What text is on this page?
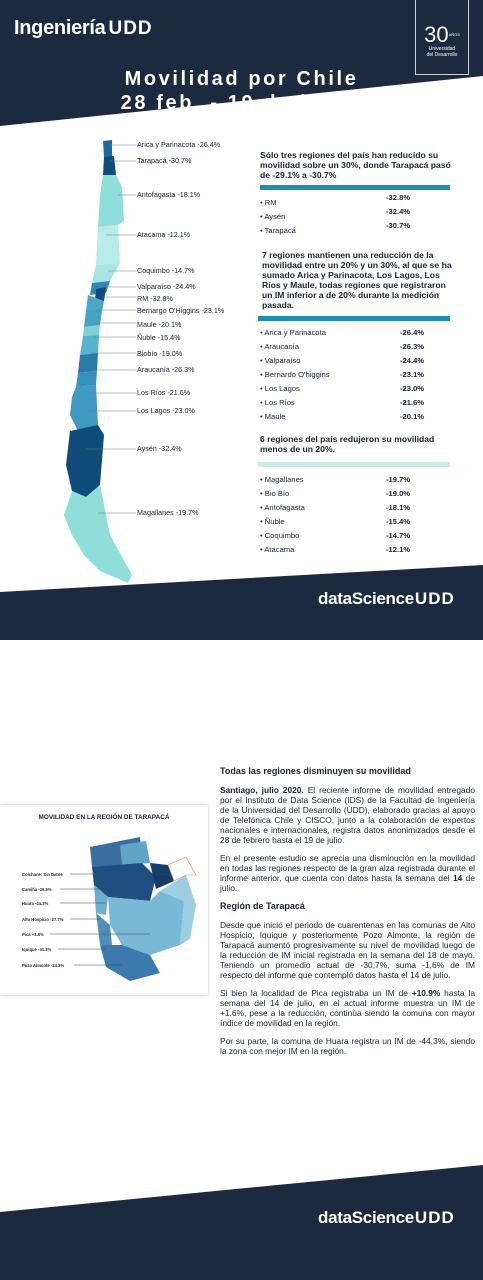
Ingeniería UDD	$30^{AÑOS}$
Universidad
del Desarrollo
Movilidad por Chile
28 feb. - 19 de julio.
Arica y Parinacota -26.4%
Tarapacá -30.7%
Antofagasta -18.1%
Atacama -12.1%
Coquimbo -14.7%
Valparaíso -24.4%
RM -32.8%
Bernargo O'Higgins -23.1%
Maule -20.1%
Ñuble -15.4%
Biobío -19.0%
Araucanía -26.3%
Los Ríos -21.6%
Los Lagos -23.0%
Aysén -32.4%
Magallanes -19.7%
Sólo tres regiones del país han reducido su movilidad sobre un 30%, donde Tarapacá pasó de -29.1% a -30.7%
• RM
-32.8%
• Aysén
-32.4%
• Tarapacá
-30.7%
7 regiones mantienen una reducción de la movilidad entre un 20% y un 30%, al que se ha sumado Arica y Parinacota, Los Lagos, Los Ríos y Maule, todas regiones que registraron un IM inferior a de 20% durante la medición pasada.
• Arica y Parinacota	-26.4%
• Araucanía	-26.3%
• Valparaíso	-24.4%
• Bernardo O'higgins	-23.1%
• Los Lagos	-23.0%
• Los Ríos	-21.6%
• Maule	-20.1%
6 regiones del país redujeron su movilidad menos de un 20%.
• Magallanes	-19.7%
• Bio Bío	-19.0%
• Antofagasta	-18.1%
• Ñuble	-15.4%
• Coquimbo	-14.7%
• Atacama	-12.1%
dataScienceUDD
MOVILIDAD EN LA REGIÓN DE TARAPACÁ
Colchane: Sin Datos
Camiña -26.5%
Huara -44.3%
Alto Hospicio -27.7%
Pica +1.6%
Iquique -31.3%
Pozo Almonte -24.3%
Todas las regiones disminuyen su movilidad

Santiago, julio 2020. El reciente informe de movilidad entregado por el Instituto de Data Science (IDS) de la Facultad de Ingeniería de la Universidad del Desarrollo (UDD), elaborado gracias al apoyo de Telefónica Chile y CISCO, junto a la colaboración de expertos nacionales e internacionales, registra datos anonimizados desde el 28 de febrero hasta el 19 de julio.

En el presente estudio se aprecia una disminución en la movilidad en todas las regiones respecto de la gran alza registrada durante el informe anterior, que cuenta con datos hasta la semana del 14 de julio.

Región de Tarapacá

Desde que inició el periodo de cuarentenas en las comunas de Alto Hospicio, Iquique y posteriormente Pozo Almonte, la región de Tarapacá aumentó progresivamente su nivel de movilidad luego de la reducción de IM inicial registrada en la semana del 18 de mayo. Teniendo un promedio actual de -30,7%, suma -1,6% de IM respecto del informe que contempló datos hasta el 14 de julio.

Si bien la localidad de Pica registraba un IM de +10.9% hasta la semana del 14 de julio, en el actual informe muestra un IM de +1.6%, pese a la reducción, continúa siendo la comuna con mayor índice de movilidad en la región.

Por su parte, la comuna de Huara registra un IM de -44,3%, siendo la zona con mejor IM en la región.

dataScienceUDD
